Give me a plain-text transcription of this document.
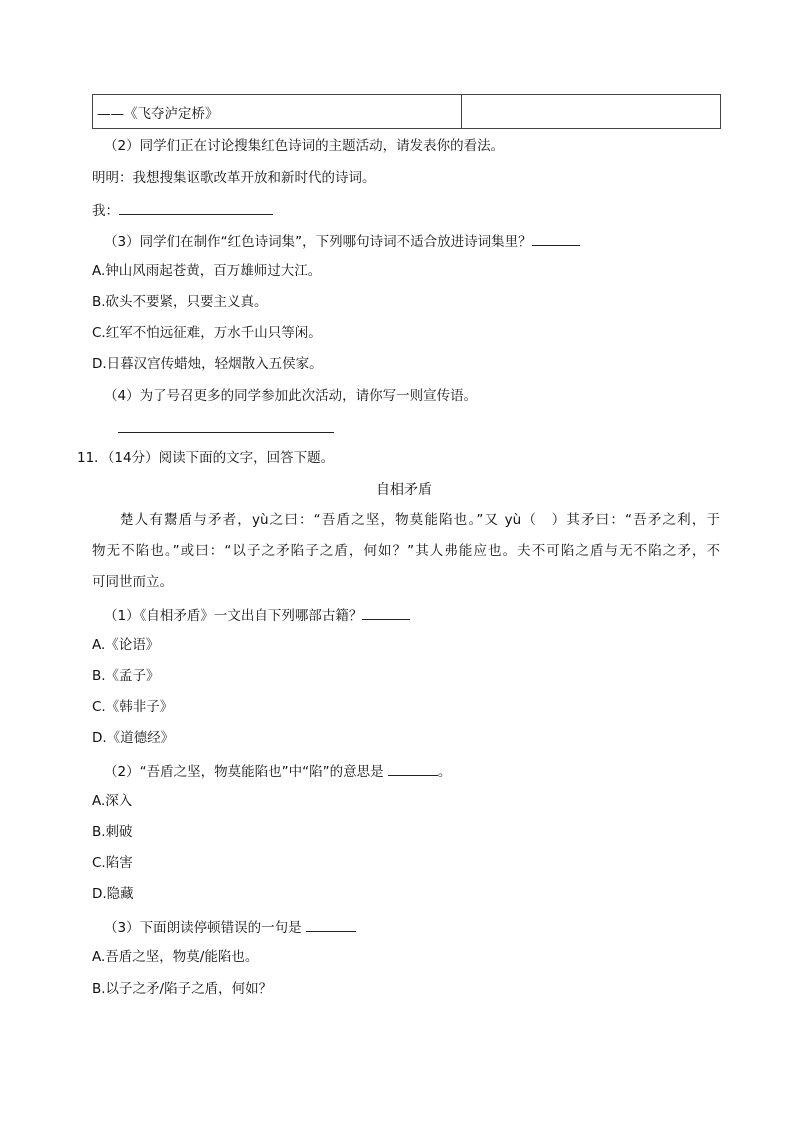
——《飞夺泸定桥》	
（2）同学们正在讨论搜集红色诗词的主题活动，请发表你的看法。
明明：我想搜集讴歌改革开放和新时代的诗词。
我：
（3）同学们在制作“红色诗词集”，下列哪句诗词不适合放进诗词集里？
A.钟山风雨起苍黄，百万雄师过大江。
B.砍头不要紧，只要主义真。
C.红军不怕远征难，万水千山只等闲。
D.日暮汉宫传蜡烛，轻烟散入五侯家。
（4）为了号召更多的同学参加此次活动，请你写一则宣传语。
11．（14分）阅读下面的文字，回答下题。
自相矛盾
楚人有鬻盾与矛者，yù之曰：“吾盾之坚，物莫能陷也。”又 yù（　）其矛曰：“吾矛之利，于
物无不陷也。”或曰：“以子之矛陷子之盾，何如？”其人弗能应也。夫不可陷之盾与无不陷之矛，不
可同世而立。
（1）《自相矛盾》一文出自下列哪部古籍？
A.《论语》
B.《孟子》
C.《韩非子》
D.《道德经》
（2）“吾盾之坚，物莫能陷也”中“陷”的意思是	。
A.深入
B.刺破
C.陷害
D.隐藏
（3）下面朗读停顿错误的一句是
A.吾盾之坚，物莫/能陷也。
B.以子之矛/陷子之盾，何如？
